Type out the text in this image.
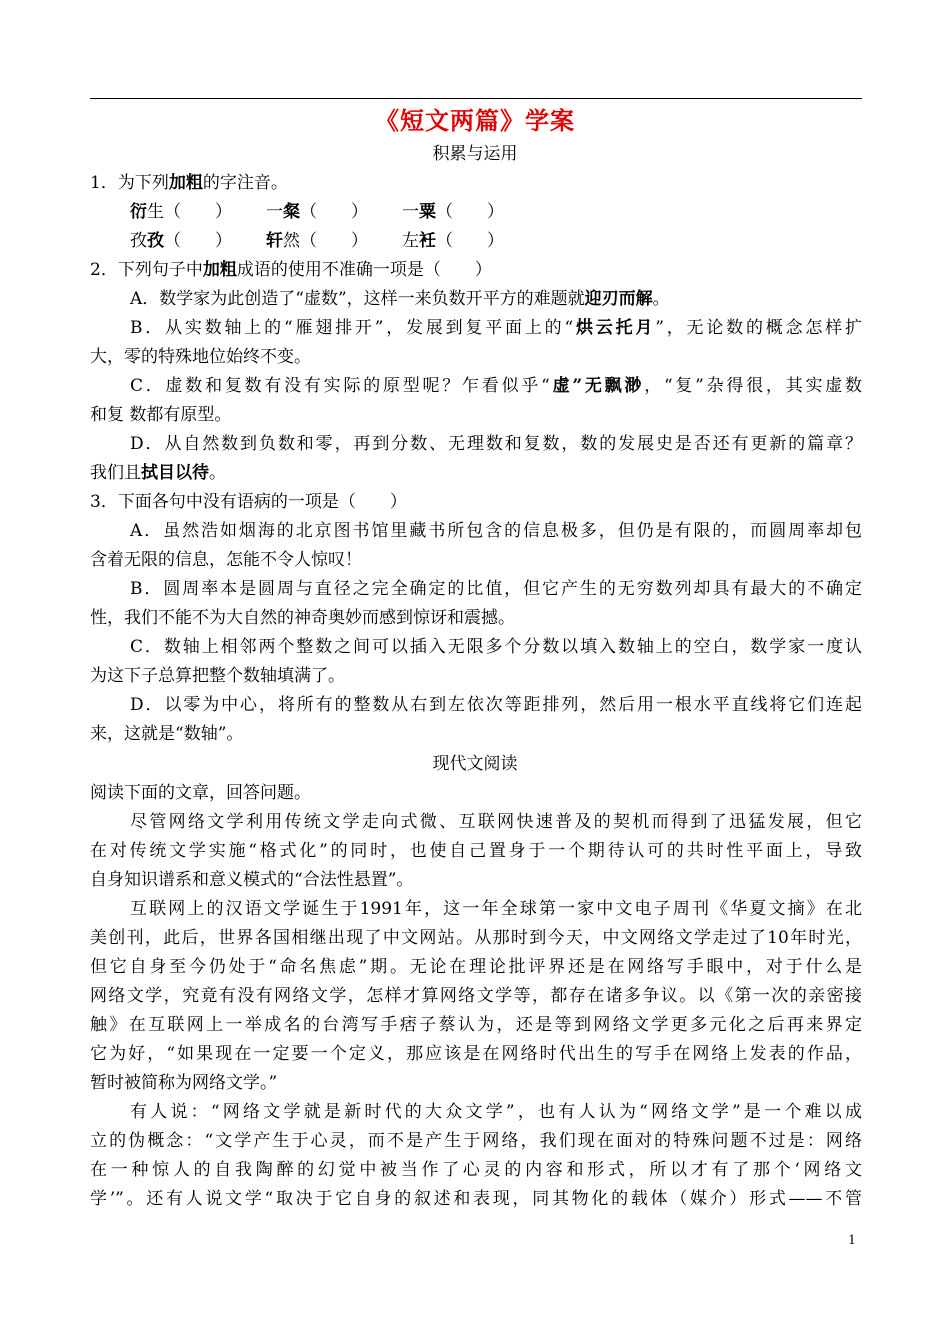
《短文两篇》学案
积累与运用
1．为下列加粗的字注音。
衍生（　　） 一粲（　　） 一粟（　　）
孜孜（　　） 轩然（　　） 左衽（　　）
2．下列句子中加粗成语的使用不准确一项是（　　）
A．数学家为此创造了“虚数”，这样一来负数开平方的难题就迎刃而解。
B．从实数轴上的“雁翅排开”，发展到复平面上的“烘云托月”，无论数的概念怎样扩
大，零的特殊地位始终不变。
C．虚数和复数有没有实际的原型呢？乍看似乎“虚”无飘渺，“复”杂得很，其实虚数
和复 数都有原型。
D．从自然数到负数和零，再到分数、无理数和复数，数的发展史是否还有更新的篇章？
我们且拭目以待。
3．下面各句中没有语病的一项是（　　）
A．虽然浩如烟海的北京图书馆里藏书所包含的信息极多，但仍是有限的，而圆周率却包
含着无限的信息，怎能不令人惊叹！
B．圆周率本是圆周与直径之完全确定的比值，但它产生的无穷数列却具有最大的不确定
性，我们不能不为大自然的神奇奥妙而感到惊讶和震撼。
C．数轴上相邻两个整数之间可以插入无限多个分数以填入数轴上的空白，数学家一度认
为这下子总算把整个数轴填满了。
D．以零为中心，将所有的整数从右到左依次等距排列，然后用一根水平直线将它们连起
来，这就是“数轴”。
现代文阅读
阅读下面的文章，回答问题。
尽管网络文学利用传统文学走向式微、互联网快速普及的契机而得到了迅猛发展，但它
在对传统文学实施“格式化”的同时，也使自己置身于一个期待认可的共时性平面上，导致
自身知识谱系和意义模式的“合法性悬置”。
互联网上的汉语文学诞生于1991年，这一年全球第一家中文电子周刊《华夏文摘》在北
美创刊，此后，世界各国相继出现了中文网站。从那时到今天，中文网络文学走过了10年时光，
但它自身至今仍处于“命名焦虑”期。无论在理论批评界还是在网络写手眼中，对于什么是
网络文学，究竟有没有网络文学，怎样才算网络文学等，都存在诸多争议。以《第一次的亲密接
触》在互联网上一举成名的台湾写手痞子蔡认为，还是等到网络文学更多元化之后再来界定
它为好，“如果现在一定要一个定义，那应该是在网络时代出生的写手在网络上发表的作品，
暂时被简称为网络文学。”
有人说：“网络文学就是新时代的大众文学”，也有人认为“网络文学”是一个难以成
立的伪概念：“文学产生于心灵，而不是产生于网络，我们现在面对的特殊问题不过是：网络
在一种惊人的自我陶醉的幻觉中被当作了心灵的内容和形式，所以才有了那个‘网络文
学’”。还有人说文学“取决于它自身的叙述和表现，同其物化的载体（媒介）形式——不管
1
